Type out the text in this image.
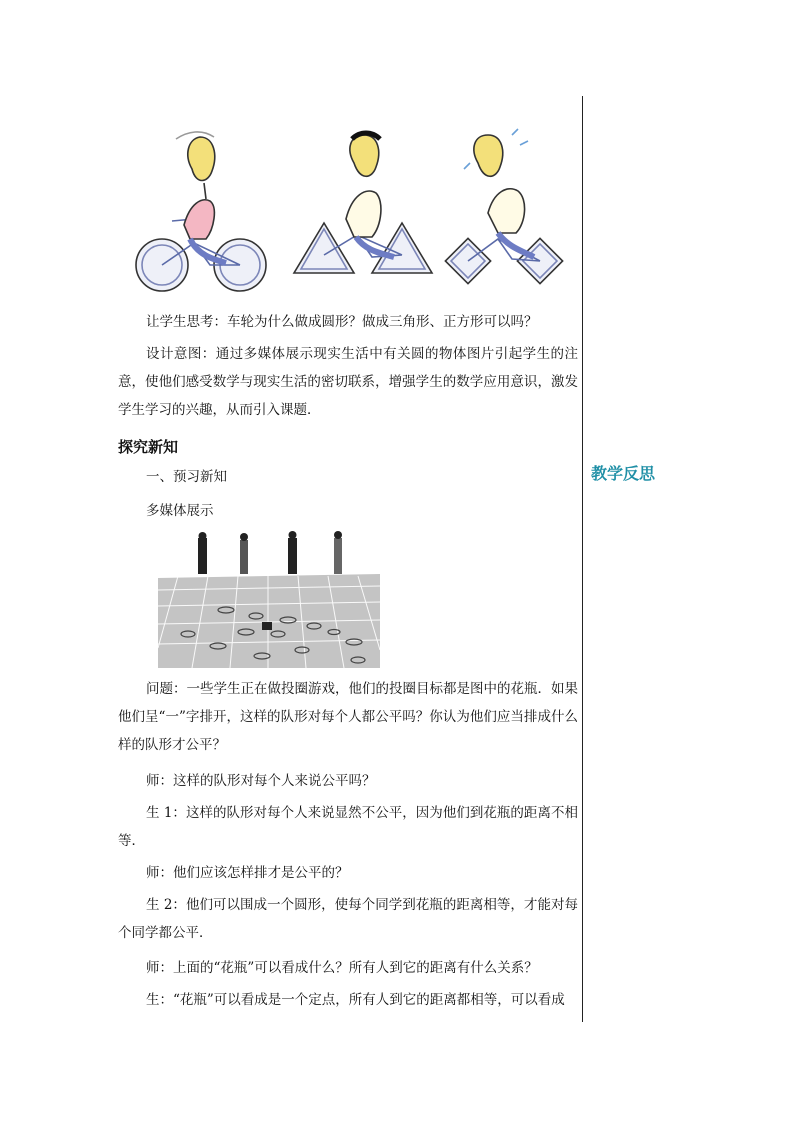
教学反思
让学生思考：车轮为什么做成圆形？做成三角形、正方形可以吗？
设计意图：通过多媒体展示现实生活中有关圆的物体图片引起学生的注意，使他们感受数学与现实生活的密切联系，增强学生的数学应用意识，激发学生学习的兴趣，从而引入课题．
探究新知
一、预习新知
多媒体展示
问题：一些学生正在做投圈游戏，他们的投圈目标都是图中的花瓶．如果他们呈“一”字排开，这样的队形对每个人都公平吗？你认为他们应当排成什么样的队形才公平？
师：这样的队形对每个人来说公平吗？
生 1：这样的队形对每个人来说显然不公平，因为他们到花瓶的距离不相等．
师：他们应该怎样排才是公平的？
生 2：他们可以围成一个圆形，使每个同学到花瓶的距离相等，才能对每个同学都公平．
师：上面的“花瓶”可以看成什么？所有人到它的距离有什么关系？
生：“花瓶”可以看成是一个定点，所有人到它的距离都相等，可以看成
